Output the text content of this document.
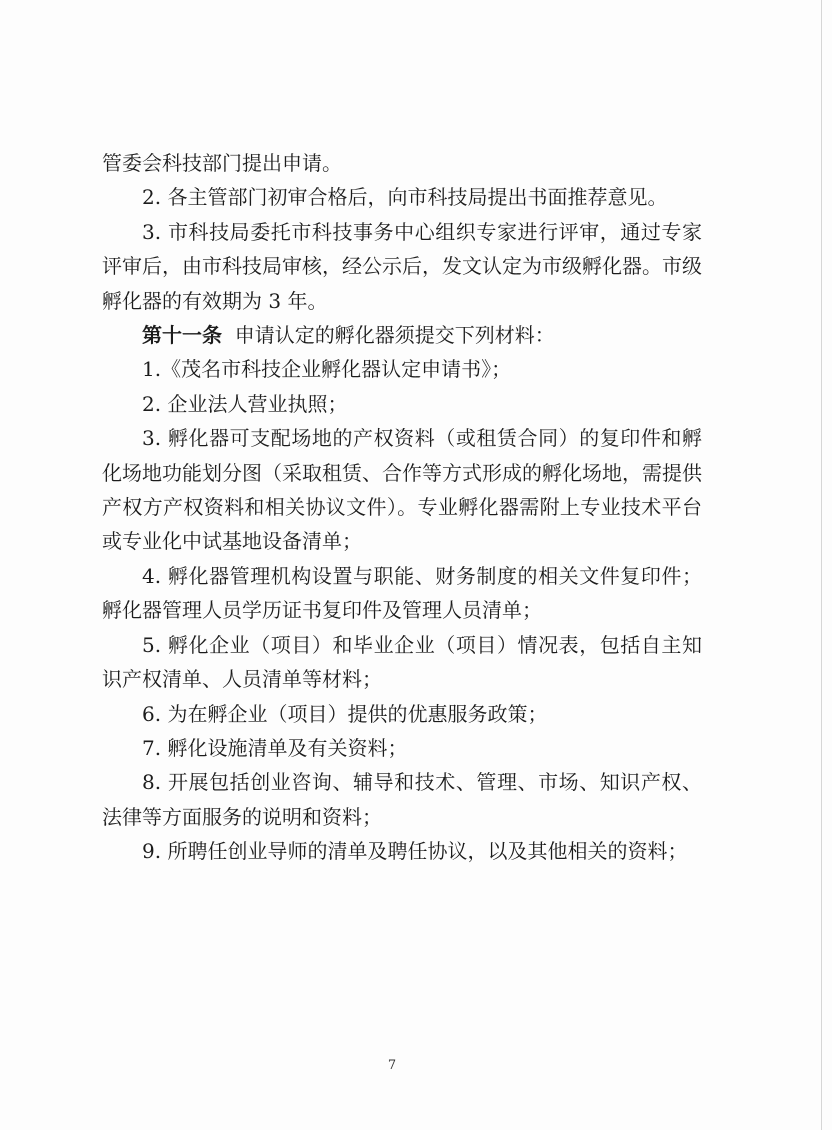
管委会科技部门提出申请。

2. 各主管部门初审合格后，向市科技局提出书面推荐意见。

3. 市科技局委托市科技事务中心组织专家进行评审，通过专家评审后，由市科技局审核，经公示后，发文认定为市级孵化器。市级孵化器的有效期为 3 年。

第十一条 申请认定的孵化器须提交下列材料：

1.《茂名市科技企业孵化器认定申请书》；

2. 企业法人营业执照；

3. 孵化器可支配场地的产权资料（或租赁合同）的复印件和孵化场地功能划分图（采取租赁、合作等方式形成的孵化场地，需提供产权方产权资料和相关协议文件）。专业孵化器需附上专业技术平台或专业化中试基地设备清单；

4. 孵化器管理机构设置与职能、财务制度的相关文件复印件；孵化器管理人员学历证书复印件及管理人员清单；

5. 孵化企业（项目）和毕业企业（项目）情况表，包括自主知识产权清单、人员清单等材料；

6. 为在孵企业（项目）提供的优惠服务政策；

7. 孵化设施清单及有关资料；

8. 开展包括创业咨询、辅导和技术、管理、市场、知识产权、法律等方面服务的说明和资料；

9. 所聘任创业导师的清单及聘任协议，以及其他相关的资料；

7
